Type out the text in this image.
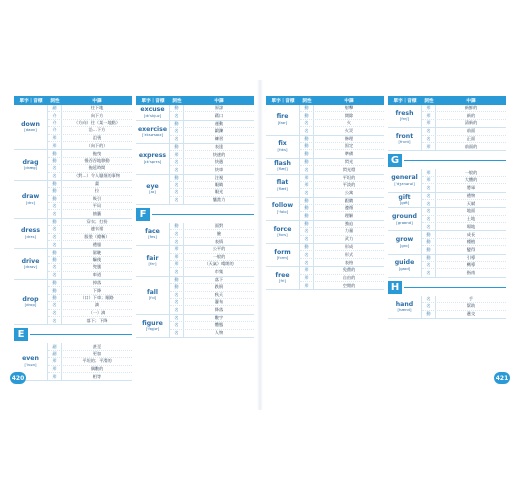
單字｜音標	詞性	中譯
down
[daʊn]
副	往下地
介	向下方
介	（方向）往（某一地點）
介	沿…下方
形	沮喪
形	（向下的）
drag
[dræg]
動	拖曳
動	慢吞吞地移動
名	拖延時間
名	（對…）令人厭煩的事物
draw
[drɔ]
動	畫
動	拉
動	吸引
名	平局
名	抽籤
dress
[drɛs]
動	穿衣；打扮
名	連衣裙
名	服裝（總稱）
名	禮服
drive
[draɪv]
動	駕駛
動	驅使
名	兜風
名	車道
drop
[drɑp]
動	掉落
動	下降
動	（口）下車；順路
名	滴
名	（一）滴
名	落下；下降
E
even
[ˈivən]
副	甚至
副	更加
形	平坦的；平滑的
形	偶數的
形	相等
單字｜音標	詞性	中譯
excuse
[ɪkˈskjuz]
動	原諒
名	藉口
exercise
[ˈɛksɚsaɪz]
動	運動
名	鍛鍊
名	練習
express
[ɪkˈsprɛs]
動	表達
形	快速的
名	快遞
名	快車
eye
[aɪ]
動	注視
名	眼睛
名	眼光
名	鑒賞力
F
face
[fes]
動	面對
名	臉
名	表情
fair
[fɛr]
形	公平的
形	一般的
形	（天氣）晴朗的
名	市集
fall
[fɔl]
動	落下
動	跌倒
名	秋天
名	瀑布
名	降落
figure
[ˈfɪgjɚ]
名	數字
名	體態
名	人物
單字｜音標	詞性	中譯
fire
[faɪr]
動	射擊
動	開除
名	火
名	火災
fix
[fɪks]
動	修理
動	固定
動	準備
flash
[flæʃ]
動	閃光
名	閃光燈
flat
[flæt]
形	平坦的
形	平淡的
名	公寓
follow
[ˈfɑlo]
動	跟隨
動	遵循
動	理解
force
[fors]
動	強迫
名	力量
名	武力
form
[fɔrm]
動	形成
名	形式
名	表格
free
[fri]
形	免費的
形	自由的
形	空閒的
單字｜音標	詞性	中譯
fresh
[frɛʃ]
形	新鮮的
形	新的
形	清新的
front
[frʌnt]
名	前面
名	正面
形	前面的
G
general
[ˈdʒɛnərəl]
形	一般的
形	大體的
名	將軍
gift
[gɪft]
名	禮物
名	天賦
ground
[graʊnd]
名	地面
名	土地
名	場地
grow
[gro]
動	成長
動	種植
動	變得
guide
[gaɪd]
動	引導
名	嚮導
名	指南
H
hand
[hænd]
名	手
名	幫助
動	遞交
420	421
